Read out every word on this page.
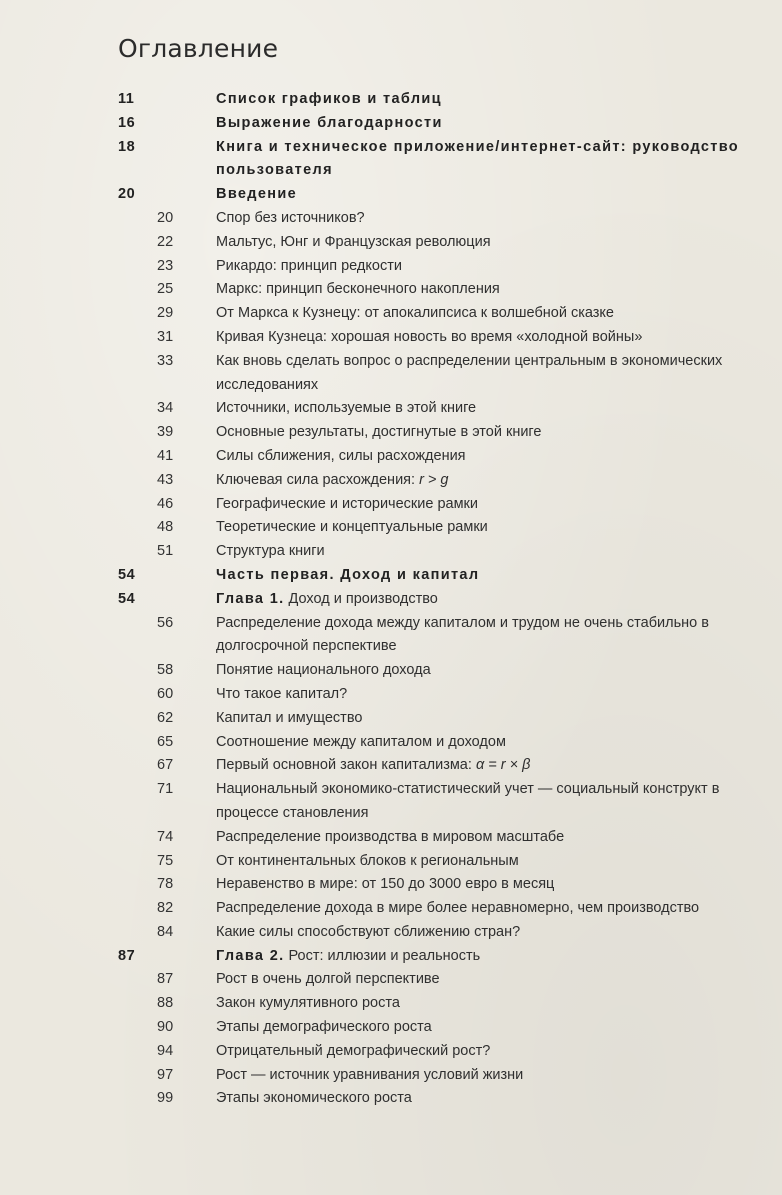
Оглавление
11	Список графиков и таблиц
16	Выражение благодарности
18	Книга и техническое приложение/интернет-сайт: руководство пользователя
20	Введение
20	Спор без источников?
22	Мальтус, Юнг и Французская революция
23	Рикардо: принцип редкости
25	Маркс: принцип бесконечного накопления
29	От Маркса к Кузнецу: от апокалипсиса к волшебной сказке
31	Кривая Кузнеца: хорошая новость во время «холодной войны»
33	Как вновь сделать вопрос о распределении центральным в экономических исследованиях
34	Источники, используемые в этой книге
39	Основные результаты, достигнутые в этой книге
41	Силы сближения, силы расхождения
43	Ключевая сила расхождения: r > g
46	Географические и исторические рамки
48	Теоретические и концептуальные рамки
51	Структура книги
54	Часть первая. Доход и капитал
54	Глава 1. Доход и производство
56	Распределение дохода между капиталом и трудом не очень стабильно в долгосрочной перспективе
58	Понятие национального дохода
60	Что такое капитал?
62	Капитал и имущество
65	Соотношение между капиталом и доходом
67	Первый основной закон капитализма: α = r × β
71	Национальный экономико-статистический учет — социальный конструкт в процессе становления
74	Распределение производства в мировом масштабе
75	От континентальных блоков к региональным
78	Неравенство в мире: от 150 до 3000 евро в месяц
82	Распределение дохода в мире более неравномерно, чем производство
84	Какие силы способствуют сближению стран?
87	Глава 2. Рост: иллюзии и реальность
87	Рост в очень долгой перспективе
88	Закон кумулятивного роста
90	Этапы демографического роста
94	Отрицательный демографический рост?
97	Рост — источник уравнивания условий жизни
99	Этапы экономического роста
